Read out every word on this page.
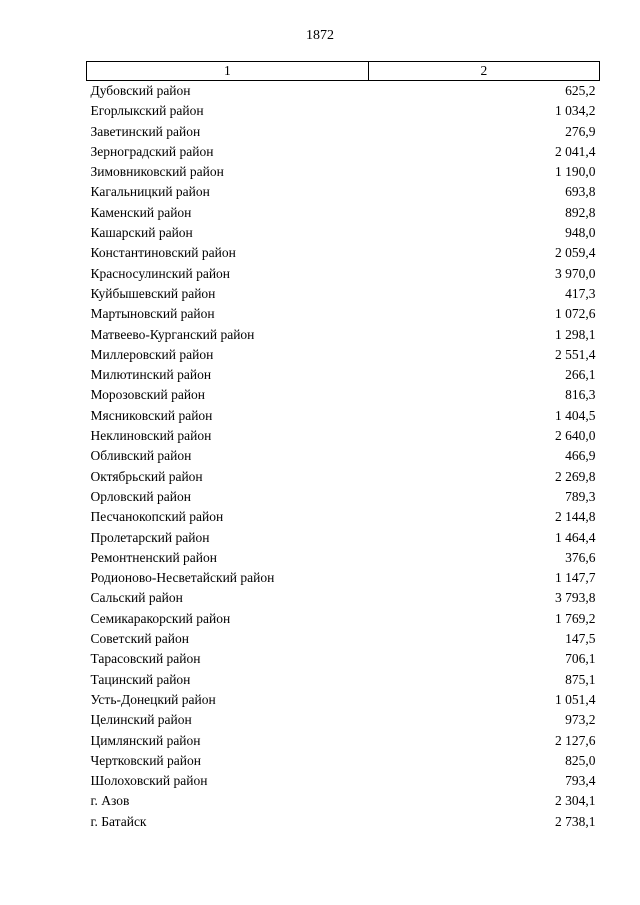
1872
1	2
Дубовский район	625,2
Егорлыкский район	1 034,2
Заветинский район	276,9
Зерноградский район	2 041,4
Зимовниковский район	1 190,0
Кагальницкий район	693,8
Каменский район	892,8
Кашарский район	948,0
Константиновский район	2 059,4
Красносулинский район	3 970,0
Куйбышевский район	417,3
Мартыновский район	1 072,6
Матвеево-Курганский район	1 298,1
Миллеровский район	2 551,4
Милютинский район	266,1
Морозовский район	816,3
Мясниковский район	1 404,5
Неклиновский район	2 640,0
Обливский район	466,9
Октябрьский район	2 269,8
Орловский район	789,3
Песчанокопский район	2 144,8
Пролетарский район	1 464,4
Ремонтненский район	376,6
Родионово-Несветайский район	1 147,7
Сальский район	3 793,8
Семикаракорский район	1 769,2
Советский район	147,5
Тарасовский район	706,1
Тацинский район	875,1
Усть-Донецкий район	1 051,4
Целинский район	973,2
Цимлянский район	2 127,6
Чертковский район	825,0
Шолоховский район	793,4
г. Азов	2 304,1
г. Батайск	2 738,1
